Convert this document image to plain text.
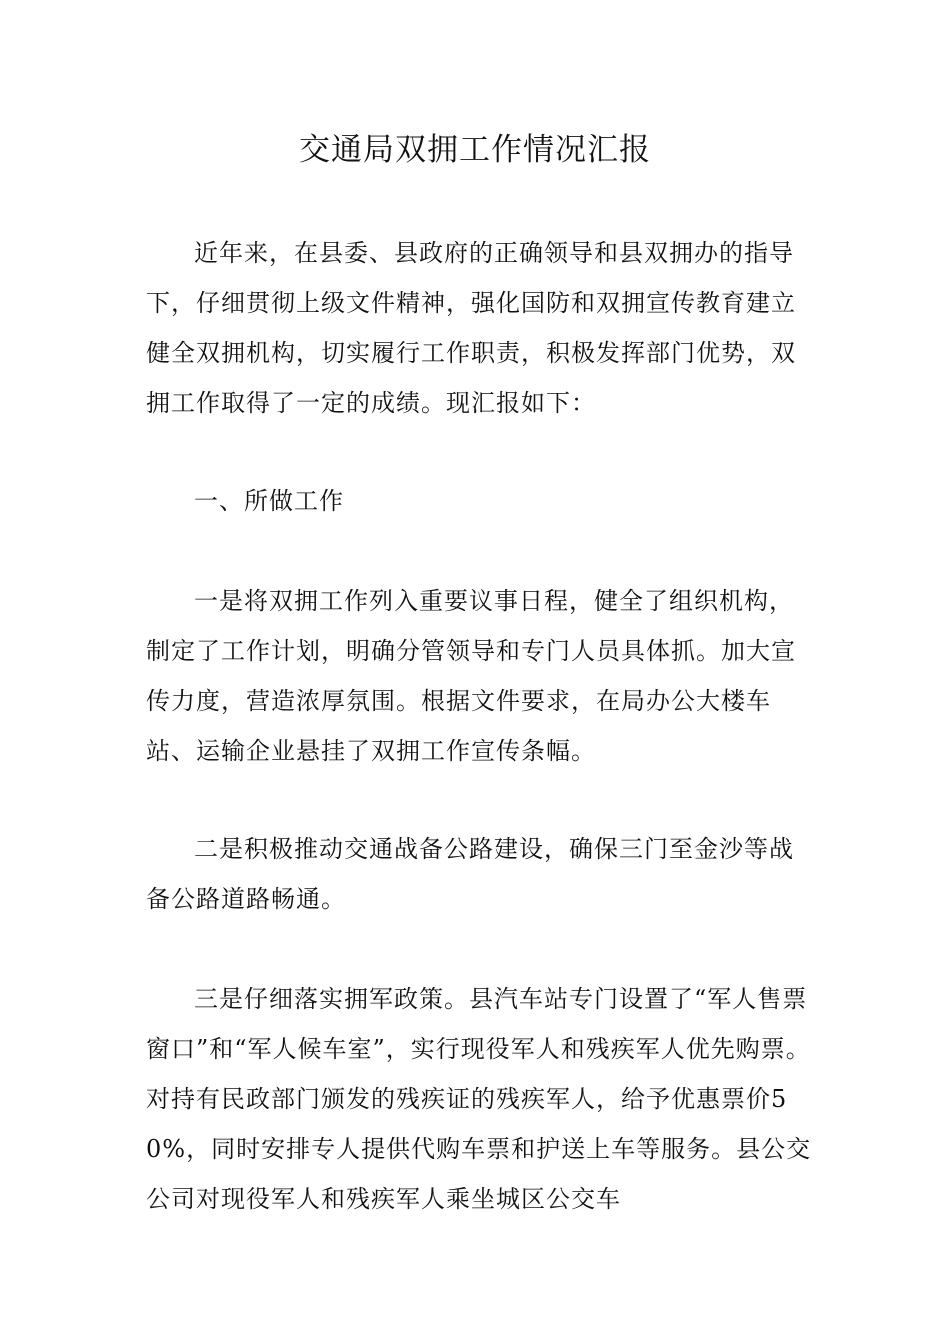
交通局双拥工作情况汇报

近年来，在县委、县政府的正确领导和县双拥办的指导下，仔细贯彻上级文件精神，强化国防和双拥宣传教育建立健全双拥机构，切实履行工作职责，积极发挥部门优势，双拥工作取得了一定的成绩。现汇报如下：

一、所做工作

一是将双拥工作列入重要议事日程，健全了组织机构，制定了工作计划，明确分管领导和专门人员具体抓。加大宣传力度，营造浓厚氛围。根据文件要求，在局办公大楼车站、运输企业悬挂了双拥工作宣传条幅。

二是积极推动交通战备公路建设，确保三门至金沙等战备公路道路畅通。

三是仔细落实拥军政策。县汽车站专门设置了“军人售票窗口”和“军人候车室”，实行现役军人和残疾军人优先购票。对持有民政部门颁发的残疾证的残疾军人，给予优惠票价50%，同时安排专人提供代购车票和护送上车等服务。县公交公司对现役军人和残疾军人乘坐城区公交车
